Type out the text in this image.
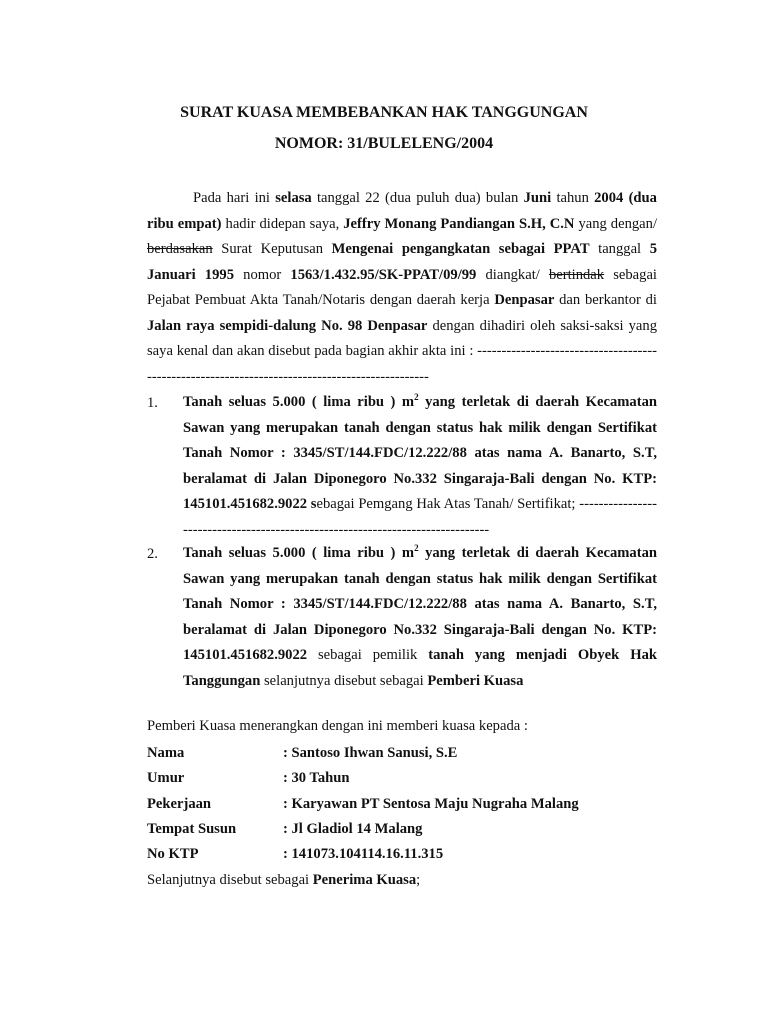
SURAT KUASA MEMBEBANKAN HAK TANGGUNGAN
NOMOR: 31/BULELENG/2004
Pada hari ini selasa tanggal 22 (dua puluh dua) bulan Juni tahun 2004 (dua ribu empat) hadir didepan saya, Jeffry Monang Pandiangan S.H, C.N yang dengan/ berdasakan Surat Keputusan Mengenai pengangkatan sebagai PPAT tanggal 5 Januari 1995 nomor 1563/1.432.95/SK-PPAT/09/99 diangkat/ bertindak sebagai Pejabat Pembuat Akta Tanah/Notaris dengan daerah kerja Denpasar dan berkantor di Jalan raya sempidi-dalung No. 98 Denpasar dengan dihadiri oleh saksi-saksi yang saya kenal dan akan disebut pada bagian akhir akta ini : -----------------------------------------------------------------------------------------------
1. Tanah seluas 5.000 ( lima ribu ) $m^2$ yang terletak di daerah Kecamatan Sawan yang merupakan tanah dengan status hak milik dengan Sertifikat Tanah Nomor : 3345/ST/144.FDC/12.222/88 atas nama A. Banarto, S.T, beralamat di Jalan Diponegoro No.332 Singaraja-Bali dengan No. KTP: 145101.451682.9022 sebagai Pemgang Hak Atas Tanah/ Sertifikat; -------------------------------------------------------------------------------
2. Tanah seluas 5.000 ( lima ribu ) $m^2$ yang terletak di daerah Kecamatan Sawan yang merupakan tanah dengan status hak milik dengan Sertifikat Tanah Nomor : 3345/ST/144.FDC/12.222/88 atas nama A. Banarto, S.T, beralamat di Jalan Diponegoro No.332 Singaraja-Bali dengan No. KTP: 145101.451682.9022 sebagai pemilik tanah yang menjadi Obyek Hak Tanggungan selanjutnya disebut sebagai Pemberi Kuasa
Pemberi Kuasa menerangkan dengan ini memberi kuasa kepada :
Nama	: Santoso Ihwan Sanusi, S.E
Umur	: 30 Tahun
Pekerjaan	: Karyawan PT Sentosa Maju Nugraha Malang
Tempat Susun	: Jl Gladiol 14 Malang
No KTP	: 141073.104114.16.11.315
Selanjutnya disebut sebagai Penerima Kuasa;
